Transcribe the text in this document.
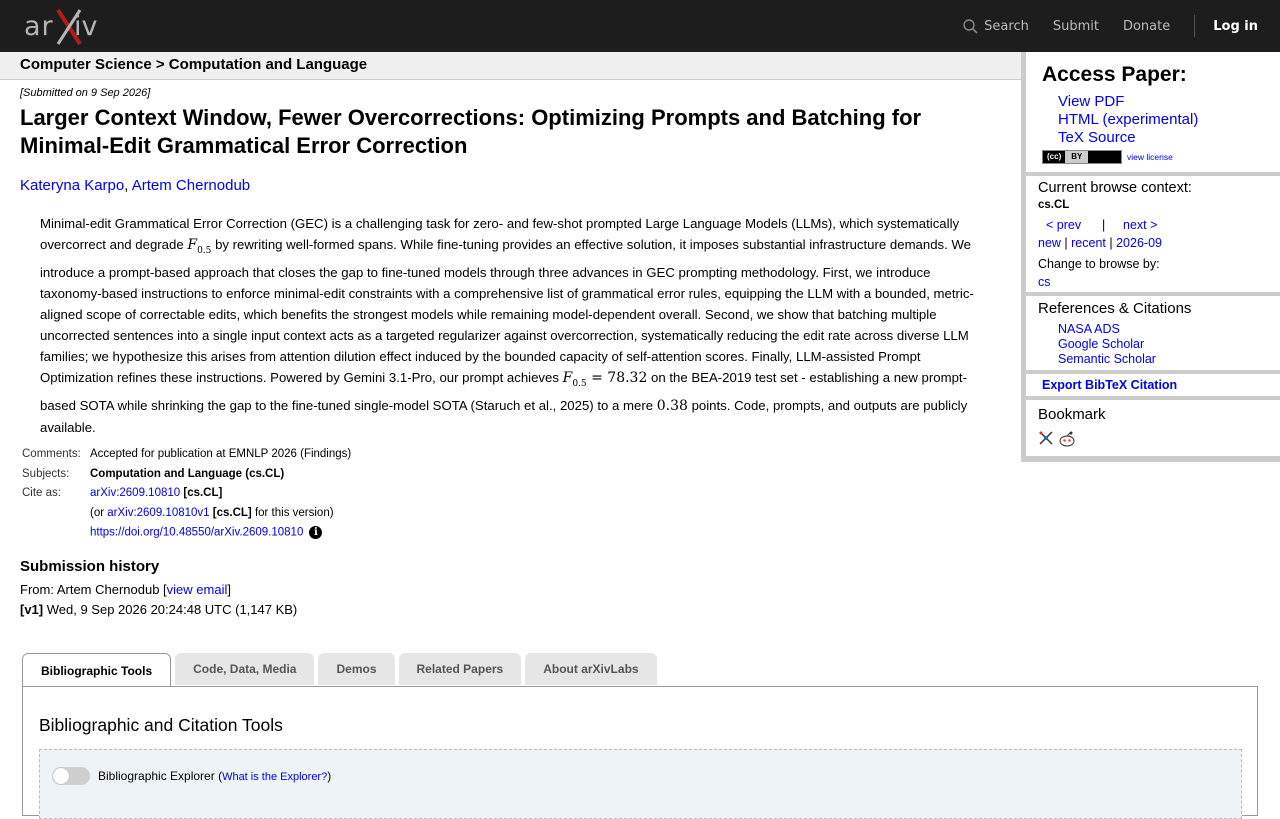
ar iv	Search Submit Donate	Log in
Computer Science > Computation and Language
[Submitted on 9 Sep 2026]
Larger Context Window, Fewer Overcorrections: Optimizing Prompts and Batching for Minimal-Edit Grammatical Error Correction
Kateryna Karpo, Artem Chernodub

Minimal-edit Grammatical Error Correction (GEC) is a challenging task for zero- and few-shot prompted Large Language Models (LLMs), which systematically overcorrect and degrade $F_{0.5}$ by rewriting well-formed spans. While fine-tuning provides an effective solution, it imposes substantial infrastructure demands. We introduce a prompt-based approach that closes the gap to fine-tuned models through three advances in GEC prompting methodology. First, we introduce taxonomy-based instructions to enforce minimal-edit constraints with a comprehensive list of grammatical error rules, equipping the LLM with a bounded, metric-aligned scope of correctable edits, which benefits the strongest models while remaining model-dependent overall. Second, we show that batching multiple uncorrected sentences into a single input context acts as a targeted regularizer against overcorrection, systematically reducing the edit rate across diverse LLM families; we hypothesize this arises from attention dilution effect induced by the bounded capacity of self-attention scores. Finally, LLM-assisted Prompt Optimization refines these instructions. Powered by Gemini 3.1-Pro, our prompt achieves $F_{0.5} = 78.32$ on the BEA-2019 test set - establishing a new prompt-based SOTA while shrinking the gap to the fine-tuned single-model SOTA (Staruch et al., 2025) to a mere 0.38 points. Code, prompts, and outputs are publicly available.

Comments:	Accepted for publication at EMNLP 2026 (Findings)
Subjects:	Computation and Language (cs.CL)
Cite as:	arXiv:2609.10810 [cs.CL]
	(or arXiv:2609.10810v1 [cs.CL] for this version)
	https://doi.org/10.48550/arXiv.2609.10810 i
Submission history
From: Artem Chernodub [view email]
[v1] Wed, 9 Sep 2026 20:24:48 UTC (1,147 KB)
Bibliographic Tools	Code, Data, Media	Demos	Related Papers	About arXivLabs
Bibliographic and Citation Tools
Bibliographic Explorer (What is the Explorer?)
Access Paper:
View PDF
HTML (experimental)
TeX Source
(cc) BY	view license
Current browse context:
cs.CL
< prev | next >
new | recent | 2026-09
Change to browse by:
cs
References & Citations
NASA ADS
Google Scholar
Semantic Scholar
Export BibTeX Citation
Bookmark
